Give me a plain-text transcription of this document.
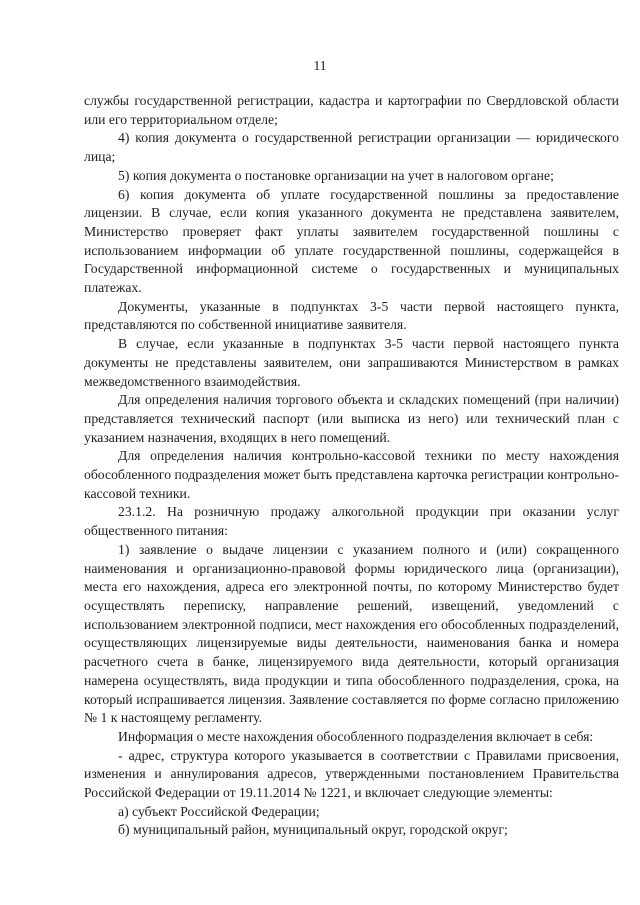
11

службы государственной регистрации, кадастра и картографии по Свердловской области или его территориальном отделе;

4) копия документа о государственной регистрации организации — юридического лица;

5) копия документа о постановке организации на учет в налоговом органе;

6) копия документа об уплате государственной пошлины за предоставление лицензии. В случае, если копия указанного документа не представлена заявителем, Министерство проверяет факт уплаты заявителем государственной пошлины с использованием информации об уплате государственной пошлины, содержащейся в Государственной информационной системе о государственных и муниципальных платежах.

Документы, указанные в подпунктах 3-5 части первой настоящего пункта, представляются по собственной инициативе заявителя.

В случае, если указанные в подпунктах 3-5 части первой настоящего пункта документы не представлены заявителем, они запрашиваются Министерством в рамках межведомственного взаимодействия.

Для определения наличия торгового объекта и складских помещений (при наличии) представляется технический паспорт (или выписка из него) или технический план с указанием назначения, входящих в него помещений.

Для определения наличия контрольно-кассовой техники по месту нахождения обособленного подразделения может быть представлена карточка регистрации контрольно-кассовой техники.

23.1.2. На розничную продажу алкогольной продукции при оказании услуг общественного питания:

1) заявление о выдаче лицензии с указанием полного и (или) сокращенного наименования и организационно-правовой формы юридического лица (организации), места его нахождения, адреса его электронной почты, по которому Министерство будет осуществлять переписку, направление решений, извещений, уведомлений с использованием электронной подписи, мест нахождения его обособленных подразделений, осуществляющих лицензируемые виды деятельности, наименования банка и номера расчетного счета в банке, лицензируемого вида деятельности, который организация намерена осуществлять, вида продукции и типа обособленного подразделения, срока, на который испрашивается лицензия. Заявление составляется по форме согласно приложению № 1 к настоящему регламенту.

Информация о месте нахождения обособленного подразделения включает в себя:

- адрес, структура которого указывается в соответствии с Правилами присвоения, изменения и аннулирования адресов, утвержденными постановлением Правительства Российской Федерации от 19.11.2014 № 1221, и включает следующие элементы:

а) субъект Российской Федерации;

б) муниципальный район, муниципальный округ, городской округ;
